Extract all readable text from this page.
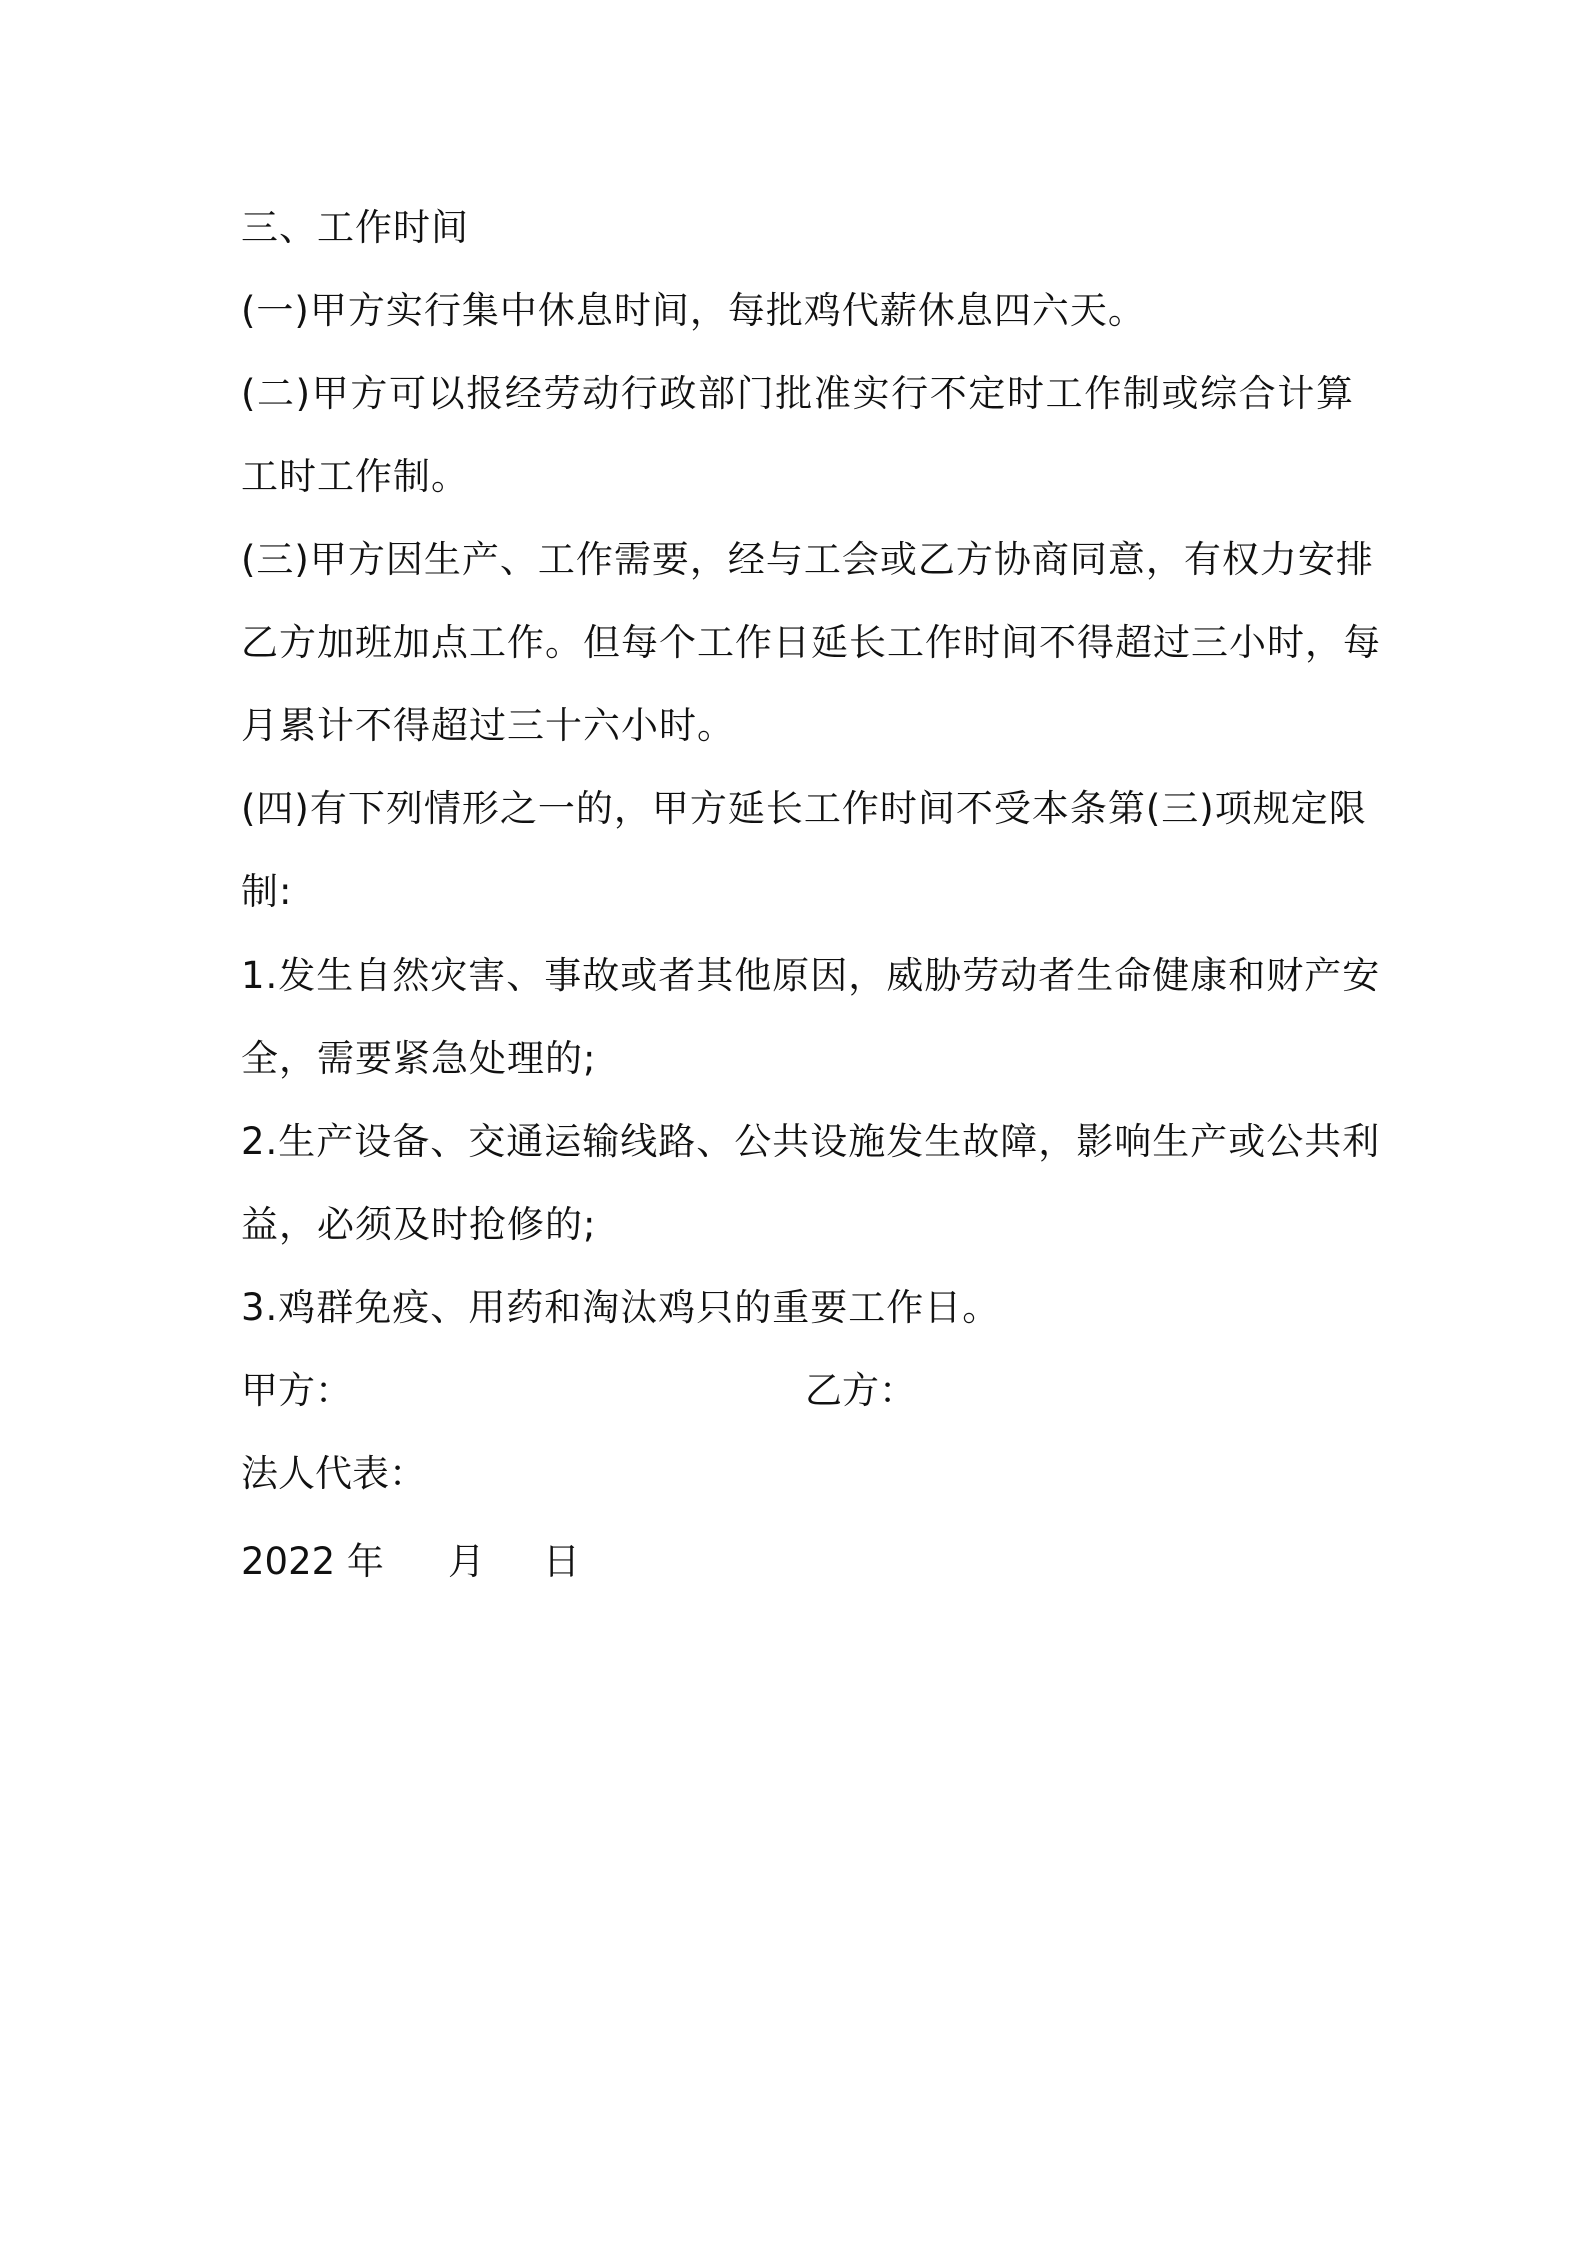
三、工作时间
(一)甲方实行集中休息时间，每批鸡代薪休息四六天。
(二)甲方可以报经劳动行政部门批准实行不定时工作制或综合计算
工时工作制。
(三)甲方因生产、工作需要，经与工会或乙方协商同意，有权力安排
乙方加班加点工作。但每个工作日延长工作时间不得超过三小时，每
月累计不得超过三十六小时。
(四)有下列情形之一的，甲方延长工作时间不受本条第(三)项规定限
制:
1.发生自然灾害、事故或者其他原因，威胁劳动者生命健康和财产安
全，需要紧急处理的;
2.生产设备、交通运输线路、公共设施发生故障，影响生产或公共利
益，必须及时抢修的;
3.鸡群免疫、用药和淘汰鸡只的重要工作日。
甲方：	乙方：
法人代表：
2022 年 月 日
